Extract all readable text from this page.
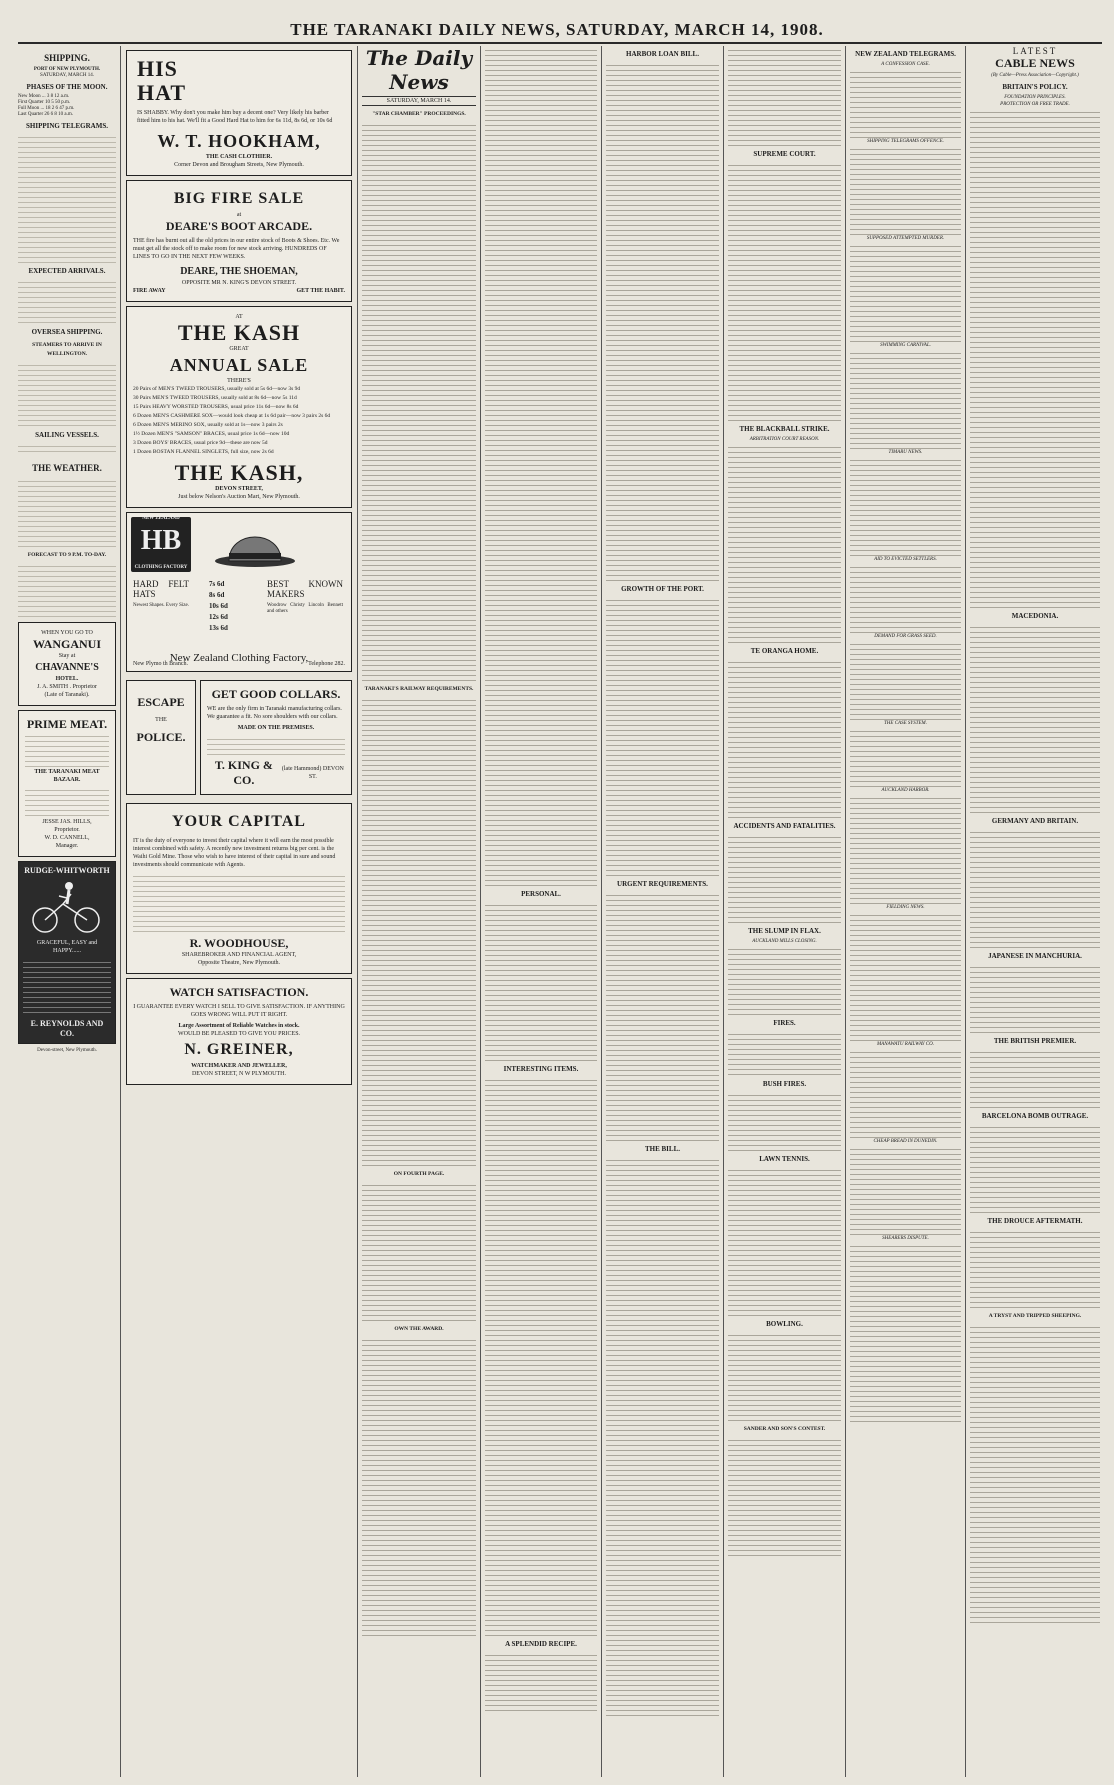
THE TARANAKI DAILY NEWS, SATURDAY, MARCH 14, 1908.
SHIPPING.
PORT OF NEW PLYMOUTH.
SATURDAY, MARCH 14.
PHASES OF THE MOON.
New Moon ... 3 8 12 a.m.
First Quarter 10 5 50 p.m.
Full Moon ... 18 2 6 47 p.m.
Last Quarter 26 6 8 10 a.m.
SHIPPING TELEGRAMS.
EXPECTED ARRIVALS.
OVERSEA SHIPPING.
STEAMERS TO ARRIVE IN WELLINGTON.
SAILING VESSELS.
THE WEATHER.
FORECAST TO 9 P.M. TO-DAY.
WHEN YOU GO TO
WANGANUI
Stay at
CHAVANNE'S
HOTEL.
J. A. SMITH . Proprietor
(Late of Taranaki).
PRIME MEAT.
THE TARANAKI MEAT BAZAAR.
JESSE JAS. HILLS,
Proprietor.
W. D. CANNELL,
Manager.
RUDGE-WHITWORTH
GRACEFUL, EASY and HAPPY......
E. REYNOLDS AND CO.
Devon-street, New Plymouth.
HIS
HAT
IS SHABBY. Why don't you make him buy a decent one? Very likely his barber fitted him to his hat. We'll fit a Good Hard Hat to him for 6s 11d, 8s 6d, or 10s 6d
W. T. HOOKHAM,
THE CASH CLOTHIER.
Corner Devon and Brougham Streets, New Plymouth.
BIG FIRE SALE
at
DEARE'S BOOT ARCADE.
THE fire has burnt out all the old prices in our entire stock of Boots & Shoes. Etc. We must get all the stock off to make room for new stock arriving. HUNDREDS OF LINES TO GO IN THE NEXT FEW WEEKS.
DEARE, THE SHOEMAN,
OPPOSITE MR N. KING'S DEVON STREET.
FIRE AWAY	GET THE HABIT.
AT
THE KASH
GREAT
ANNUAL SALE
THERE'S
20 Pairs of MEN'S TWEED TROUSERS, usually sold at 5s 6d—now 3s 9d
30 Pairs MEN'S TWEED TROUSERS, usually sold at 8s 6d—now 5s 11d
15 Pairs HEAVY WORSTED TROUSERS, usual price 11s 6d—now 8s 6d
6 Dozen MEN'S CASHMERE SOX—would look cheap at 1s 6d pair—now 3 pairs 2s 6d
6 Dozen MEN'S MERINO SOX, usually sold at 1s—now 3 pairs 2s
1½ Dozen MEN'S "SAMSON" BRACES, usual price 1s 6d—now 10d
3 Dozen BOYS' BRACES, usual price 9d—these are now 5d
1 Dozen BOSTAN FLANNEL SINGLETS, full size, now 2s 6d
THE KASH,
DEVON STREET,
Just below Nelson's Auction Mart, New Plymouth.
NEW ZEALAND
HB
CLOTHING FACTORY
HARD FELT HATS
Newest Shapes. Every Size.
7s 6d
8s 6d
10s 6d
12s 6d
13s 6d
BEST KNOWN MAKERS
Woodrow Christy Lincoln Bennett and others
New Zealand Clothing Factory,
New Plymo th Branch.	Telephone 282.
ESCAPE
THE
POLICE.
GET GOOD COLLARS.
WE are the only firm in Taranaki manufacturing collars. We guarantee a fit. No sore shoulders with our collars.
MADE ON THE PREMISES.
T. KING & CO.
(late Hammond) DEVON ST.
YOUR CAPITAL
IT is the duty of everyone to invest their capital where it will earn the most possible interest combined with safety. A recently new investment returns big per cent. is the Waihi Gold Mine. Those who wish to have interest of their capital in sure and sound investments should communicate with Agents.
R. WOODHOUSE,
SHAREBROKER AND FINANCIAL AGENT,
Opposite Theatre, New Plymouth.
WATCH SATISFACTION.
I GUARANTEE EVERY WATCH I SELL TO GIVE SATISFACTION. IF ANYTHING GOES WRONG WILL PUT IT RIGHT.
Large Assortment of Reliable Watches in stock.
WOULD BE PLEASED TO GIVE YOU PRICES.
N. GREINER,
WATCHMAKER AND JEWELLER,
DEVON STREET, N W PLYMOUTH.
The Daily News
SATURDAY, MARCH 14.
"STAR CHAMBER" PROCEEDINGS.
TARANAKI'S RAILWAY REQUIREMENTS.
ON FOURTH PAGE.
OWN THE AWARD.
PERSONAL.
INTERESTING ITEMS.
A SPLENDID RECIPE.
HARBOR LOAN BILL.
GROWTH OF THE PORT.
URGENT REQUIREMENTS.
THE BILL.
SUPREME COURT.
THE BLACKBALL STRIKE.
ARBITRATION COURT REASON.
TE ORANGA HOME.
ACCIDENTS AND FATALITIES.
THE SLUMP IN FLAX.
AUCKLAND MILLS CLOSING.
FIRES.
BUSH FIRES.
LAWN TENNIS.
BOWLING.
SANDER AND SON'S CONTEST.
NEW ZEALAND TELEGRAMS.
A CONFESSION CASE.
SHIPPING TELEGRAMS OFFENCE.
SUPPOSED ATTEMPTED MURDER.
SWIMMING CARNIVAL.
TIMARU NEWS.
AID TO EVICTED SETTLERS.
DEMAND FOR GRASS SEED.
THE CASE SYSTEM.
AUCKLAND HARBOR.
FIELDING NEWS.
MANAWATU RAILWAY CO.
CHEAP BREAD IN DUNEDIN.
SHEARERS DISPUTE.
LATEST
CABLE NEWS
(By Cable—Press Association—Copyright.)
BRITAIN'S POLICY.
FOUNDATION PRINCIPLES.
PROTECTION OR FREE TRADE.
MACEDONIA.
GERMANY AND BRITAIN.
JAPANESE IN MANCHURIA.
THE BRITISH PREMIER.
BARCELONA BOMB OUTRAGE.
THE DROUCE AFTERMATH.
A TRYST AND TRIPPED SHEEPING.
